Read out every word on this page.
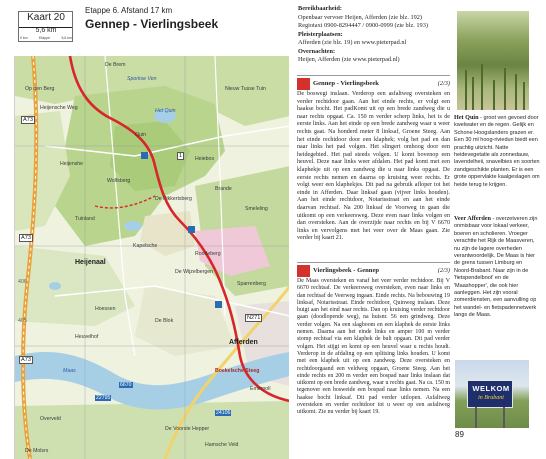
Kaart 20
5,6 km
0 km	Etappe	5,6 km
Etappe 6. Afstand 17 km
Gennep - Vierlingsbeek
Bereikbaarheid:
Openbaar vervoer Heijen, Afferden (zie blz. 192)
Regiotaxi 0900-8294447 / 0900-0999 (zie blz. 193)
Pleisterplaatsen:
Afferden (zie blz. 19) en www.pieterpad.nl
Overnachten:
Heijen, Afferden (zie www.pieterpad.nl)
De Brem
Sporkse Ven
Op den Berg
Heijensche Weg	Het Quin
Quin
Heijenshe
Wolfsberg
De Pikkertsberg
Brande
Tuinland
Kapelsche
Roodeberg
Heijenaal
Afferden
De Wijzelbergen
Sparrenberg
Hoessen
De Blok
Maas	Boekelsche Steeg
Overveld
De Molsrs
Emerpoll
Heiebos
De Voorste Hepper
Hamsche Veld
Smeleling
Nieuw Tusse Tuin
Heuvelhof
A73
A73
A73
N271
405
406
6670
22795
24106
1
Gennep - Vierlingsbeek	(2/3)
De boswegi inslaan. Verderop een asfaltweg oversteken en verder rechtdoor gaan. Aan het einde rechts, er volgt een haakse bocht. Het padKomt uit op een brede zandweg die u naar rechts opgaat. Ca. 150 m verder scherp links, het is de eerste links. Aan het einde op een brede zandweg waar u weer rechts gaat. Na honderd meter 8 linksaf, Groene Steeg. Aan het einde rechtdoor door een klaphek; volg het pad en dan naar links het pad volgen. Het slingert omhoog door een heidegebied. Het pad steeds volgen. U komt bovenop een heuvel. Deze naar links weer afdalen. Het pad komt met een klaphekje uit op een zandweg die u naar links opgaat. De eerste rechts nemen en daarna op kruising weer rechts. Er volgt weer een klaphekjes. Dit pad na gebruik afloper tot het einde in Afferden. Daar linksaf gaan (vijver links houden). Aan het einde rechtdoor, Notarisstraat en aan het einde daarvan rechtsaf. Na 200 linksaf de Voorweg in gaan die uitkomt op een verkeersweg. Deze even naar links volgen en dan oversteken. Aan de overzijde naar rechts en bij V 6670 links en vervolgens met het veer over de Maas gaan. Zie verder bij kaart 21.
Vierlingsbeek - Gennep	(2/3)
De Maas oversteken en vanaf het veer verder rechtdoor. Bij V 6670 rechtsaf. De verkeersweg oversteken, even naar links en dan rechtsaf de Veerweg ingaan. Einde rechts. Na bebouwing 19 linksaf, Notarisstraat. Einde rechtdoor, Quinweg inslaan. Deze buigt aan het eind naar rechts. Dan op kruising verder rechtdoor gaan (doodlopende weg), na huisnr. 56 een grindweg. Deze verder volgen. Na een slagboom en een klaphek de eerste links nemen. Daarna aan het einde links en amper 100 m verder stomp rechtsaf via een klaphek de bult opgaan. Dit pad verder volgen. Het stijgt en komt op een heuvel waar u rechts houdt. Verderop in de afdaling op een splitsing links houden. U komt met een klaphek uit op een zandweg. Deze oversteken en rechtdoorgaand een veldweg opgaan, Groene Steeg. Aan het einde rechts en 200 m verder een bospad naar links inslaan dat uitkomt op een brede zandweg, waar u rechts gaat. Na ca. 150 m tegenover een bosweide een bospad naar links nemen. Na een haakse bocht linksaf. Dit pad verder uitlopen. Asfaltweg oversteken en verder rechtdoor tot u weer op een asfaltweg uitkomt. Zie nu verder bij kaart 19.
Het Quin - groot ven gevoed door kwelwater en de regen. Gelijk en Schone Hoogslanders grazen er. Een 30 ml hoog-riviedun biedt een prachtig uitzicht. Natte heidevegetatie als zonnedauw, lavendelheii, snavelbies en soorten zandgeschikte planten. Er is een grote oppervlakte kaalgeslagen om heide terug te krijgen.
Veer Afferden - overzetveren zijn onmisbaar voor lokaal verkeer, boeren en scholieren. Vroeger verachtte het Rijk de Maasveren, nu zijn de lagere overheden verantwoordelijk. De Maas is hier de grens tussen Limburg en Noord-Brabant. Naar zijn in de 'fietspendelboot' en de 'Maashopper', die ook hier aanleggen. Het zijn vooral zomerdiensten, een aanvulling op het wandel- en fietspadennetwerk langs de Maas.
WELKOM
in Brabant
89
